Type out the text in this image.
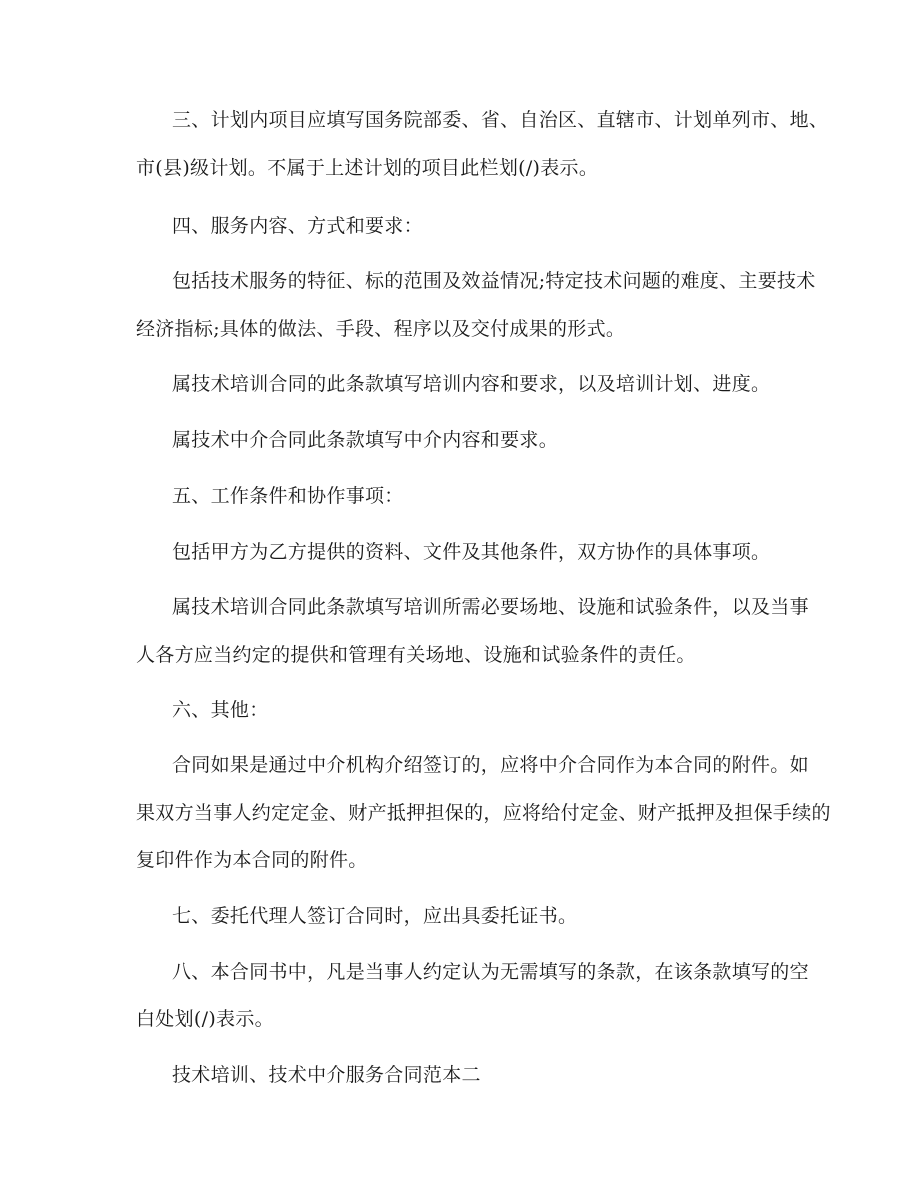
三、计划内项目应填写国务院部委、省、自治区、直辖市、计划单列市、地、
市(县)级计划。不属于上述计划的项目此栏划(/)表示。
四、服务内容、方式和要求：
包括技术服务的特征、标的范围及效益情况;特定技术问题的难度、主要技术
经济指标;具体的做法、手段、程序以及交付成果的形式。
属技术培训合同的此条款填写培训内容和要求，以及培训计划、进度。
属技术中介合同此条款填写中介内容和要求。
五、工作条件和协作事项：
包括甲方为乙方提供的资料、文件及其他条件，双方协作的具体事项。
属技术培训合同此条款填写培训所需必要场地、设施和试验条件，以及当事
人各方应当约定的提供和管理有关场地、设施和试验条件的责任。
六、其他：
合同如果是通过中介机构介绍签订的，应将中介合同作为本合同的附件。如
果双方当事人约定定金、财产抵押担保的，应将给付定金、财产抵押及担保手续的
复印件作为本合同的附件。
七、委托代理人签订合同时，应出具委托证书。
八、本合同书中，凡是当事人约定认为无需填写的条款，在该条款填写的空
白处划(/)表示。
技术培训、技术中介服务合同范本二
